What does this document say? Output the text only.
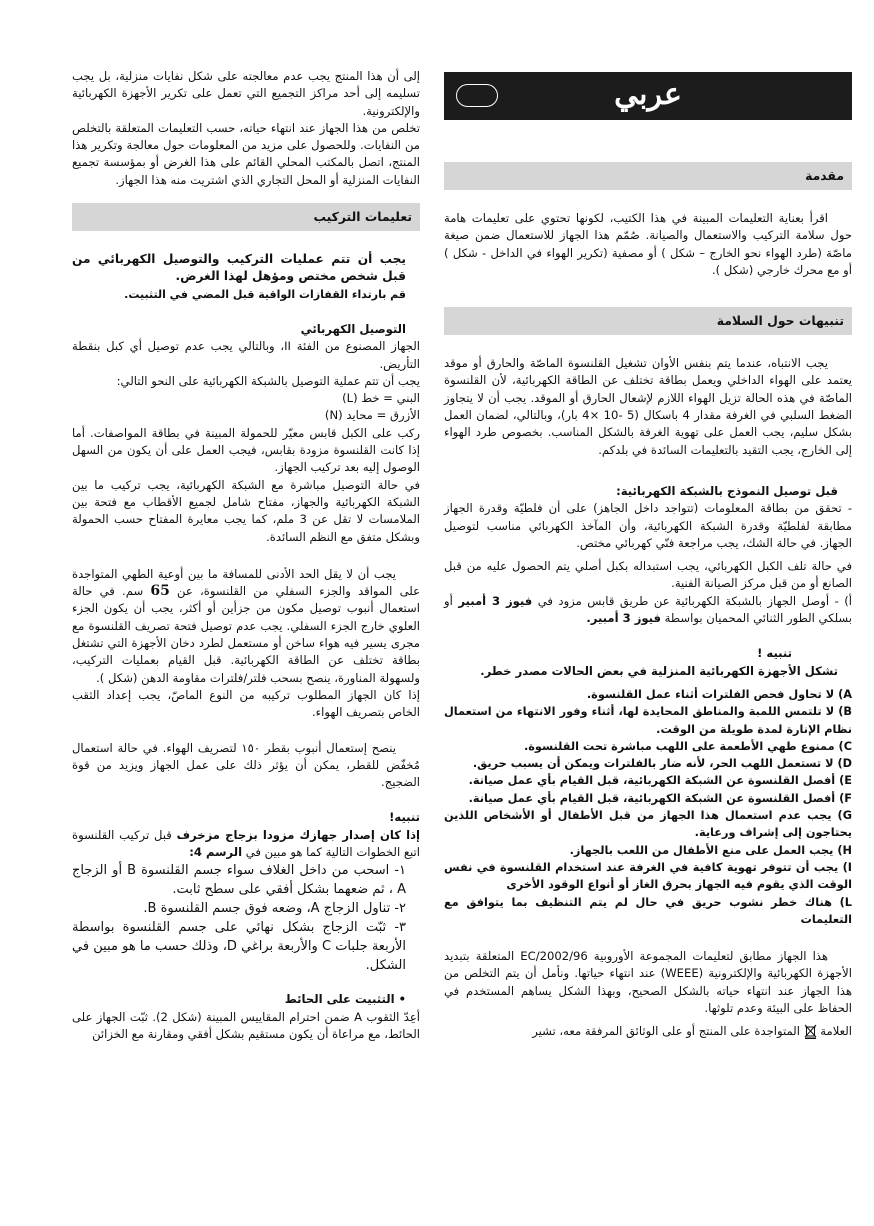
عربي
مقدمة

اقرأ بعناية التعليمات المبينة في هذا الكتيب، لكونها تحتوي على تعليمات هامة حول سلامة التركيب والاستعمال والصيانة. صُمّم هذا الجهاز للاستعمال ضمن صيغة ماصّة (طرد الهواء نحو الخارج – شكل ) أو مصفية (تكرير الهواء في الداخل - شكل ) أو مع محرك خارجي (شكل ).

تنبيهات حول السلامة

يجب الانتباه، عندما يتم بنفس الأوان تشغيل القلنسوة الماصّة والحارق أو موقد يعتمد على الهواء الداخلي ويعمل بطاقة تختلف عن الطاقة الكهربائية، لأن القلنسوة الماصّة في هذه الحالة تزيل الهواء اللازم لإشعال الحارق أو الموقد. يجب أن لا يتجاوز الضغط السلبي في الغرفة مقدار 4 باسكال (5 -10 ×4 بار)، وبالتالي، لضمان العمل بشكل سليم، يجب العمل على تهوية الغرفة بالشكل المناسب. بخصوص طرد الهواء إلى الخارج، يجب التقيد بالتعليمات السائدة في بلدكم.

قبل توصيل النموذج بالشبكة الكهربائية:

- تحقق من بطاقة المعلومات (تتواجد داخل الجاهز) على أن فلطيّة وقدرة الجهاز مطابقة لفلطيّة وقدرة الشبكة الكهربائية، وأن المآخذ الكهربائي مناسب لتوصيل الجهاز. في حالة الشك، يجب مراجعة فنّي كهربائي مختص.

في حالة تلف الكبل الكهربائي، يجب استبداله بكبل أصلي يتم الحصول عليه من قبل الصانع أو من قبل مركز الصيانة الفنية.

أ) - أوصل الجهاز بالشبكة الكهربائية عن طريق قابس مزود في فيوز 3 أمبير أو بسلكي الطور الثنائي المحميان بواسطة فيوز 3 أمبير.

تنبيه !

تشكل الأجهزة الكهربائية المنزلية في بعض الحالات مصدر خطر.

A) لا تحاول فحص الفلترات أثناء عمل القلنسوة.

B) لا تلتمس اللمبة والمناطق المحايدة لها، أثناء وفور الانتهاء من استعمال نظام الإنارة لمدة طويلة من الوقت.

C) ممنوع طهي الأطعمة على اللهب مباشرة تحت القلنسوة.

D) لا تستعمل اللهب الحر، لأنه ضار بالفلترات ويمكن أن يسبب حريق.

E) أفصل القلنسوة عن الشبكة الكهربائية، قبل القيام بأي عمل صيانة.

F) أفصل القلنسوة عن الشبكة الكهربائية، قبل القيام بأي عمل صيانة.

G) يجب عدم استعمال هذا الجهاز من قبل الأطفال أو الأشخاص اللذين يحتاجون إلى إشراف ورعاية.

H) يجب العمل على منع الأطفال من اللعب بالجهاز.

I) يجب أن تتوفر تهوية كافية في الغرفة عند استخدام القلنسوة في نفس الوقت الذي يقوم فيه الجهاز بحرق الغاز أو أنواع الوقود الأخرى

L) هناك خطر نشوب حريق في حال لم يتم التنظيف بما يتوافق مع التعليمات

هذا الجهاز مطابق لتعليمات المجموعة الأوروبية 2002/96/EC المتعلقة بتبديد الأجهزة الكهربائية والإلكترونية (WEEE) عند انتهاء حياتها. ونأمل أن يتم التخلص من هذا الجهاز عند انتهاء حياته بالشكل الصحيح، وبهذا الشكل يساهم المستخدم في الحفاظ على البيئة وعدم تلوثها.

العلامة  المتواجدة على المنتج أو على الوثائق المرفقة معه، تشير

إلى أن هذا المنتج يجب عدم معالجته على شكل نفايات منزلية، بل يجب تسليمه إلى أحد مراكز التجميع التي تعمل على تكرير الأجهزة الكهربائية والإلكترونية.

تخلص من هذا الجهاز عند انتهاء حياته، حسب التعليمات المتعلقة بالتخلص من النفايات. وللحصول على مزيد من المعلومات حول معالجة وتكرير هذا المنتج، اتصل بالمكتب المحلي القائم على هذا الغرض أو بمؤسسة تجميع النفايات المنزلية أو المحل التجاري الذي اشتريت منه هذا الجهاز.

تعليمات التركيب

يجب أن تتم عمليات التركيب والتوصيل الكهربائي من قبل شخص مختص ومؤهل لهذا الغرض.

قم بارتداء القفازات الواقية قبل المضي في التثبيت.

التوصيل الكهربائي

الجهاز المصنوع من الفئة II، وبالتالي يجب عدم توصيل أي كبل بنقطة التأريض.

يجب أن تتم عملية التوصيل بالشبكة الكهربائية على النحو التالي:

البني = خط (L)

الأزرق = محايد (N)

ركب على الكبل قابس معيّر للحمولة المبينة في بطاقة المواصفات. أما إذا كانت القلنسوة مزودة بقابس، فيجب العمل على أن يكون من السهل الوصول إليه بعد تركيب الجهاز.

في حالة التوصيل مباشرة مع الشبكة الكهربائية، يجب تركيب ما بين الشبكة الكهربائية والجهاز، مفتاح شامل لجميع الأقطاب مع فتحة بين الملامسات لا تقل عن 3 ملم، كما يجب معايرة المفتاح حسب الحمولة وبشكل متفق مع النظم السائدة.

يجب أن لا يقل الحد الأدنى للمسافة ما بين أوعية الطهي المتواجدة على المواقد والجزء السفلي من القلنسوة، عن 65 سم. في حالة استعمال أنبوب توصيل مكون من جزأين أو أكثر، يجب أن يكون الجزء العلوي خارج الجزء السفلي. يجب عدم توصيل فتحة تصريف القلنسوة مع مجرى يسير فيه هواء ساخن أو مستعمل لطرد دخان الأجهزة التي تشتغل بطاقة تختلف عن الطاقة الكهربائية. قبل القيام بعمليات التركيب، ولسهولة المناورة، ينصح بسحب فلتر/فلترات مقاومة الدهن (شكل ).

إذا كان الجهاز المطلوب تركيبه من النوع الماصّ، يجب إعداد الثقب الخاص بتصريف الهواء.

ينصح إستعمال أنبوب بقطر ١٥٠ لتصريف الهواء. في حالة استعمال مُخفّض للقطر، يمكن أن يؤثر ذلك على عمل الجهاز ويزيد من قوة الضجيج.

تنبيه!

إذا كان إصدار جهازك مزودا بزجاج مزخرف قبل تركيب القلنسوة اتبع الخطوات التالية كما هو مبين في الرسم 4:

١- اسحب من داخل الغلاف سواء جسم القلنسوة B أو الزجاج A ، ثم ضعهما بشكل أفقي على سطح ثابت.

٢- تناول الزجاج A، وضعه فوق جسم القلنسوة B.

٣- ثبّت الزجاج بشكل نهائي على جسم القلنسوة بواسطة الأربعة جلبات C والأربعة براغي D، وذلك حسب ما هو مبين في الشكل.

• التثبيت على الحائط

أعِدّ الثقوب A ضمن احترام المقاييس المبينة (شكل 2). ثبّت الجهاز على الحائط، مع مراعاة أن يكون مستقيم بشكل أفقي ومقارنة مع الخزائن
